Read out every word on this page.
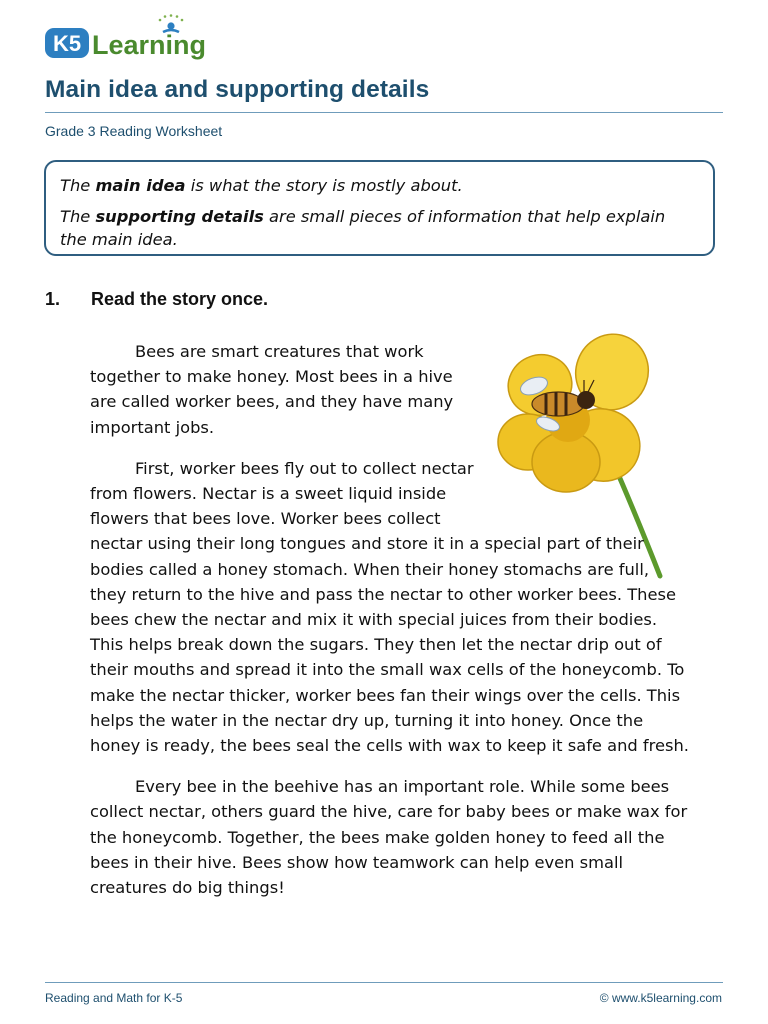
K5 Learning
Main idea and supporting details
Grade 3 Reading Worksheet

The main idea is what the story is mostly about.

The supporting details are small pieces of information that help explain the main idea.

1. Read the story once.

Bees are smart creatures that work together to make honey. Most bees in a hive are called worker bees, and they have many important jobs.

First, worker bees fly out to collect nectar from flowers. Nectar is a sweet liquid inside flowers that bees love. Worker bees collect nectar using their long tongues and store it in a special part of their bodies called a honey stomach. When their honey stomachs are full, they return to the hive and pass the nectar to other worker bees. These bees chew the nectar and mix it with special juices from their bodies. This helps break down the sugars. They then let the nectar drip out of their mouths and spread it into the small wax cells of the honeycomb. To make the nectar thicker, worker bees fan their wings over the cells. This helps the water in the nectar dry up, turning it into honey. Once the honey is ready, the bees seal the cells with wax to keep it safe and fresh.

Every bee in the beehive has an important role. While some bees collect nectar, others guard the hive, care for baby bees or make wax for the honeycomb. Together, the bees make golden honey to feed all the bees in their hive. Bees show how teamwork can help even small creatures do big things!

Reading and Math for K-5	© www.k5learning.com
